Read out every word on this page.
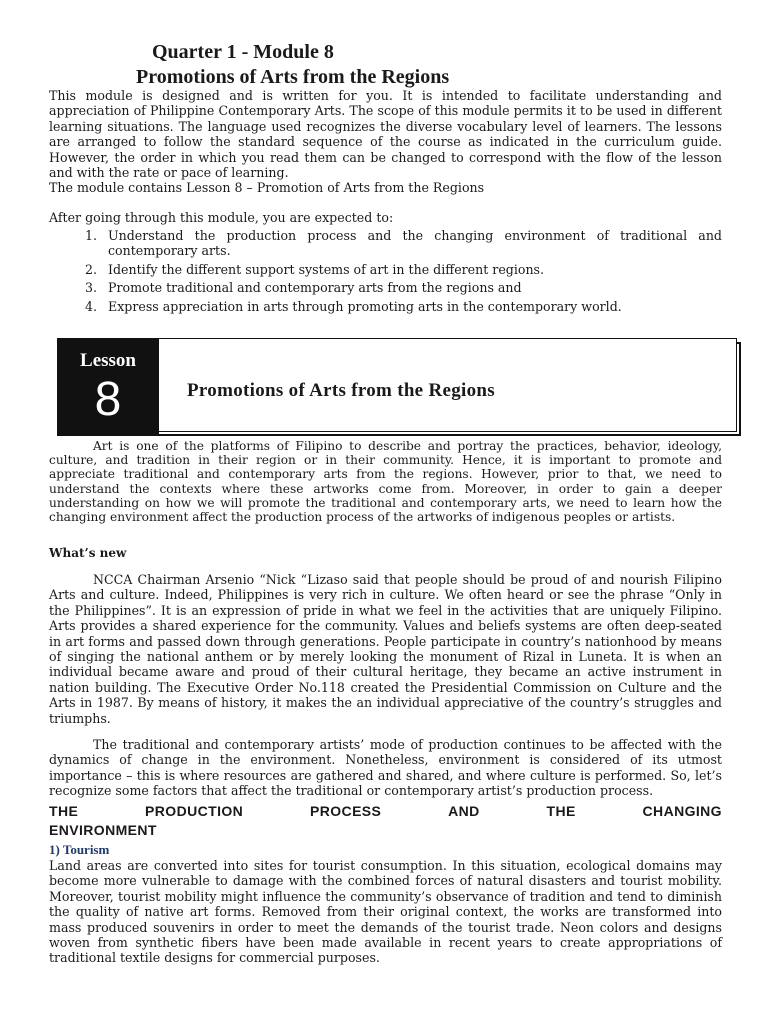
Quarter 1 - Module 8
Promotions of Arts from the Regions

This module is designed and is written for you. It is intended to facilitate understanding and appreciation of Philippine Contemporary Arts. The scope of this module permits it to be used in different learning situations. The language used recognizes the diverse vocabulary level of learners. The lessons are arranged to follow the standard sequence of the course as indicated in the curriculum guide. However, the order in which you read them can be changed to correspond with the flow of the lesson and with the rate or pace of learning.
The module contains Lesson 8 – Promotion of Arts from the Regions

After going through this module, you are expected to:

1. Understand the production process and the changing environment of traditional and contemporary arts.
2. Identify the different support systems of art in the different regions.
3. Promote traditional and contemporary arts from the regions and
4. Express appreciation in arts through promoting arts in the contemporary world.
Lesson
8	Promotions of Arts from the Regions

Art is one of the platforms of Filipino to describe and portray the practices, behavior, ideology, culture, and tradition in their region or in their community. Hence, it is important to promote and appreciate traditional and contemporary arts from the regions. However, prior to that, we need to understand the contexts where these artworks come from. Moreover, in order to gain a deeper understanding on how we will promote the traditional and contemporary arts, we need to learn how the changing environment affect the production process of the artworks of indigenous peoples or artists.

What’s new

NCCA Chairman Arsenio “Nick “Lizaso said that people should be proud of and nourish Filipino Arts and culture. Indeed, Philippines is very rich in culture. We often heard or see the phrase “Only in the Philippines”. It is an expression of pride in what we feel in the activities that are uniquely Filipino. Arts provides a shared experience for the community. Values and beliefs systems are often deep-seated in art forms and passed down through generations. People participate in country’s nationhood by means of singing the national anthem or by merely looking the monument of Rizal in Luneta. It is when an individual became aware and proud of their cultural heritage, they became an active instrument in nation building. The Executive Order No.118 created the Presidential Commission on Culture and the Arts in 1987. By means of history, it makes the an individual appreciative of the country’s struggles and triumphs.

The traditional and contemporary artists’ mode of production continues to be affected with the dynamics of change in the environment. Nonetheless, environment is considered of its utmost importance – this is where resources are gathered and shared, and where culture is performed. So, let’s recognize some factors that affect the traditional or contemporary artist’s production process.

THE	PRODUCTION	PROCESS	AND	THE	CHANGING
ENVIRONMENT
1) Tourism

Land areas are converted into sites for tourist consumption. In this situation, ecological domains may become more vulnerable to damage with the combined forces of natural disasters and tourist mobility. Moreover, tourist mobility might influence the community’s observance of tradition and tend to diminish the quality of native art forms. Removed from their original context, the works are transformed into mass produced souvenirs in order to meet the demands of the tourist trade. Neon colors and designs woven from synthetic fibers have been made available in recent years to create appropriations of traditional textile designs for commercial purposes.
